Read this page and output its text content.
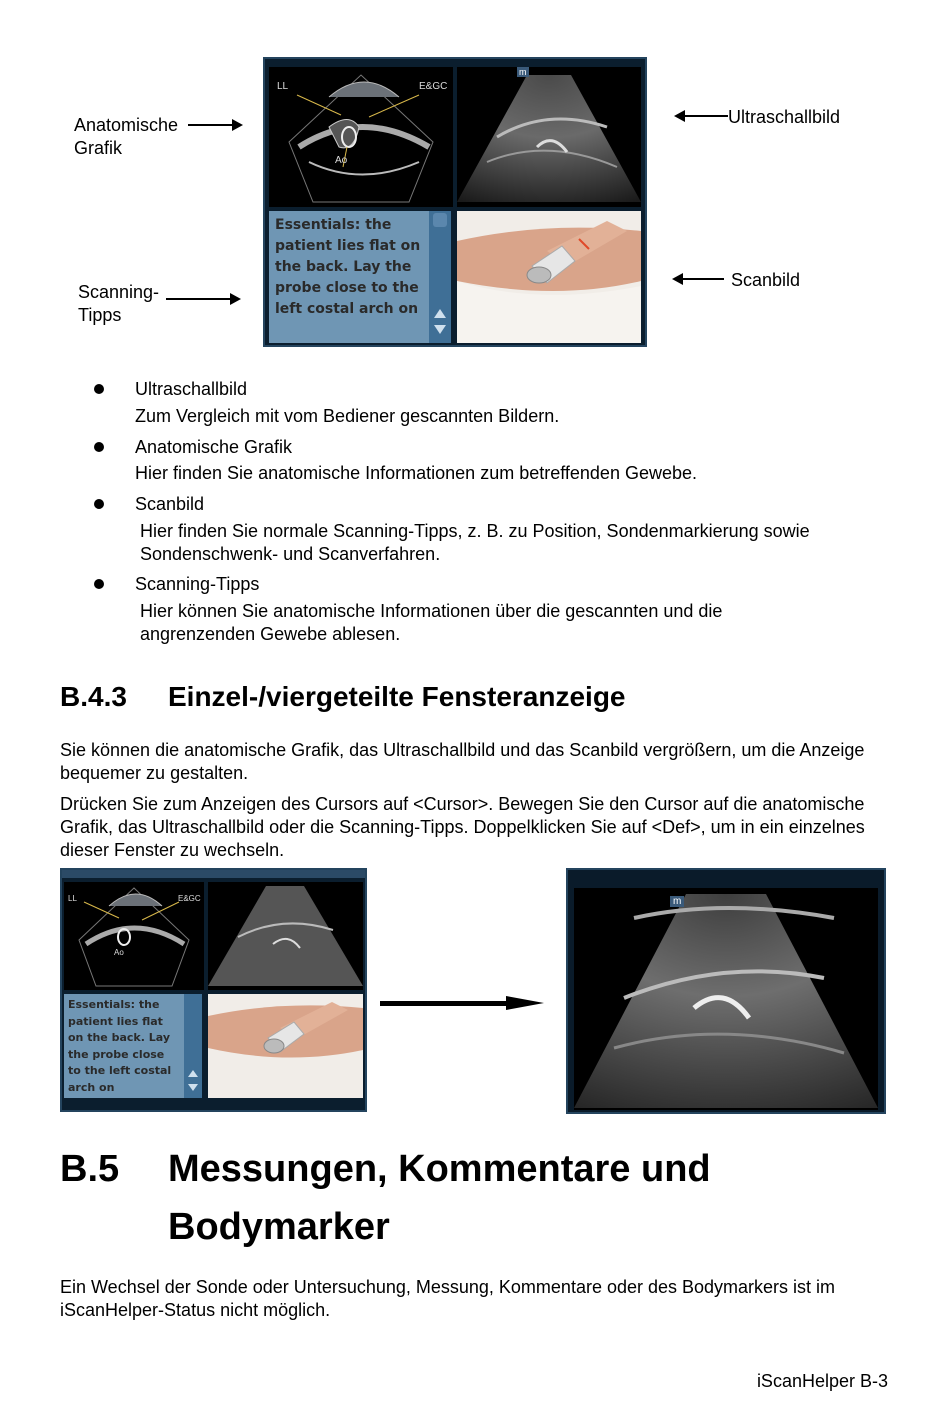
LL	E&GC
Ao
m
Essentials: the patient lies flat on the back. Lay the probe close to the left costal arch on
Anatomische Grafik
Ultraschallbild
Scanning- Tipps
Scanbild
Ultraschallbild
Zum Vergleich mit vom Bediener gescannten Bildern.
Anatomische Grafik
Hier finden Sie anatomische Informationen zum betreffenden Gewebe.
Scanbild
Hier finden Sie normale Scanning-Tipps, z. B. zu Position, Sondenmarkierung sowie Sondenschwenk- und Scanverfahren.
Scanning-Tipps
Hier können Sie anatomische Informationen über die gescannten und die angrenzenden Gewebe ablesen.
B.4.3 Einzel-/viergeteilte Fensteranzeige
Sie können die anatomische Grafik, das Ultraschallbild und das Scanbild vergrößern, um die Anzeige bequemer zu gestalten.
Drücken Sie zum Anzeigen des Cursors auf <Cursor>. Bewegen Sie den Cursor auf die anatomische Grafik, das Ultraschallbild oder die Scanning-Tipps. Doppelklicken Sie auf <Def>, um in ein einzelnes dieser Fenster zu wechseln.
LL	E&GC
Ao
Essentials: the patient lies flat on the back. Lay the probe close to the left costal arch on
m
B.5 Messungen, Kommentare und
Bodymarker
Ein Wechsel der Sonde oder Untersuchung, Messung, Kommentare oder des Bodymarkers ist im iScanHelper-Status nicht möglich.
iScanHelper B-3
